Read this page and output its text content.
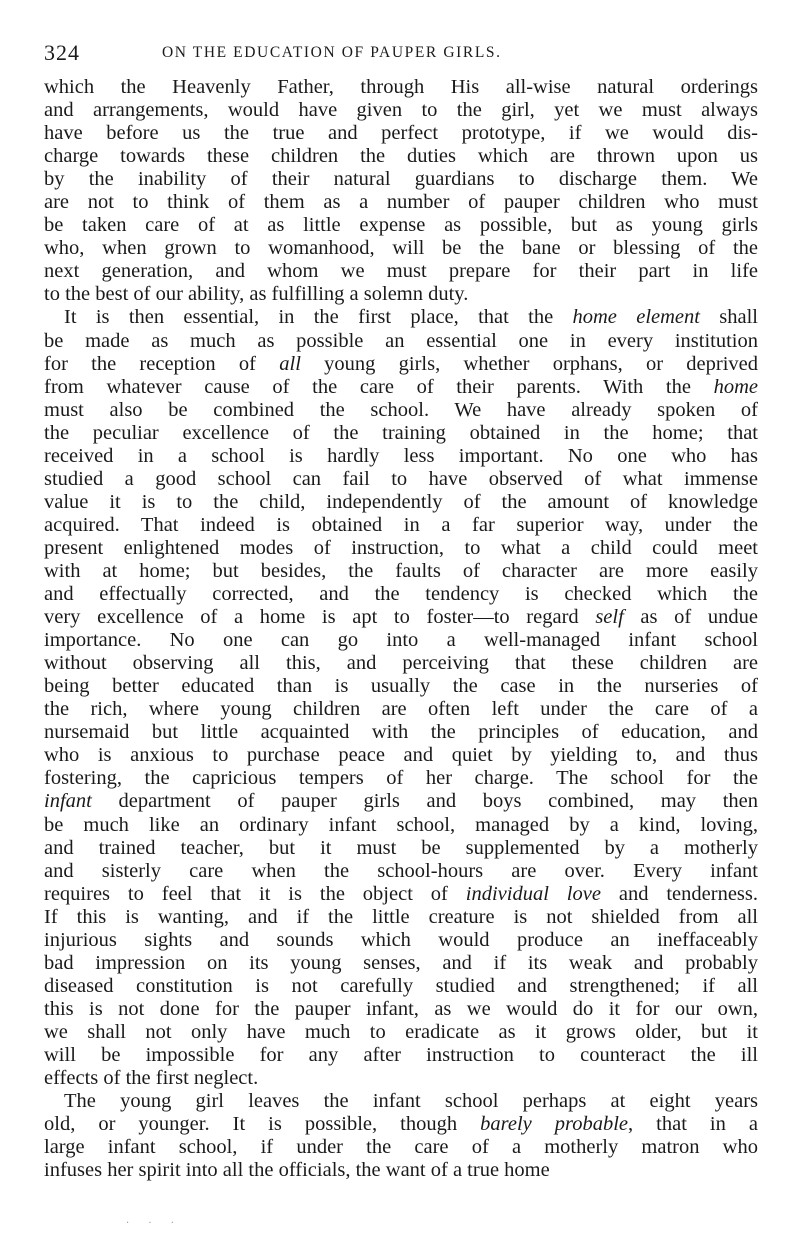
324	ON THE EDUCATION OF PAUPER GIRLS.
which the Heavenly Father, through His all-wise natural orderings
and arrangements, would have given to the girl, yet we must always
have before us the true and perfect prototype, if we would dis-
charge towards these children the duties which are thrown upon us
by the inability of their natural guardians to discharge them. We
are not to think of them as a number of pauper children who must
be taken care of at as little expense as possible, but as young girls
who, when grown to womanhood, will be the bane or blessing of the
next generation, and whom we must prepare for their part in life
to the best of our ability, as fulfilling a solemn duty.
It is then essential, in the first place, that the home element shall
be made as much as possible an essential one in every institution
for the reception of all young girls, whether orphans, or deprived
from whatever cause of the care of their parents. With the home
must also be combined the school. We have already spoken of
the peculiar excellence of the training obtained in the home; that
received in a school is hardly less important. No one who has
studied a good school can fail to have observed of what immense
value it is to the child, independently of the amount of knowledge
acquired. That indeed is obtained in a far superior way, under the
present enlightened modes of instruction, to what a child could meet
with at home; but besides, the faults of character are more easily
and effectually corrected, and the tendency is checked which the
very excellence of a home is apt to foster—to regard self as of undue
importance. No one can go into a well-managed infant school
without observing all this, and perceiving that these children are
being better educated than is usually the case in the nurseries of
the rich, where young children are often left under the care of a
nursemaid but little acquainted with the principles of education, and
who is anxious to purchase peace and quiet by yielding to, and thus
fostering, the capricious tempers of her charge. The school for the
infant department of pauper girls and boys combined, may then
be much like an ordinary infant school, managed by a kind, loving,
and trained teacher, but it must be supplemented by a motherly
and sisterly care when the school-hours are over. Every infant
requires to feel that it is the object of individual love and tenderness.
If this is wanting, and if the little creature is not shielded from all
injurious sights and sounds which would produce an ineffaceably
bad impression on its young senses, and if its weak and probably
diseased constitution is not carefully studied and strengthened; if all
this is not done for the pauper infant, as we would do it for our own,
we shall not only have much to eradicate as it grows older, but it
will be impossible for any after instruction to counteract the ill
effects of the first neglect.
The young girl leaves the infant school perhaps at eight years
old, or younger. It is possible, though barely probable, that in a
large infant school, if under the care of a motherly matron who
infuses her spirit into all the officials, the want of a true home
· · ·
